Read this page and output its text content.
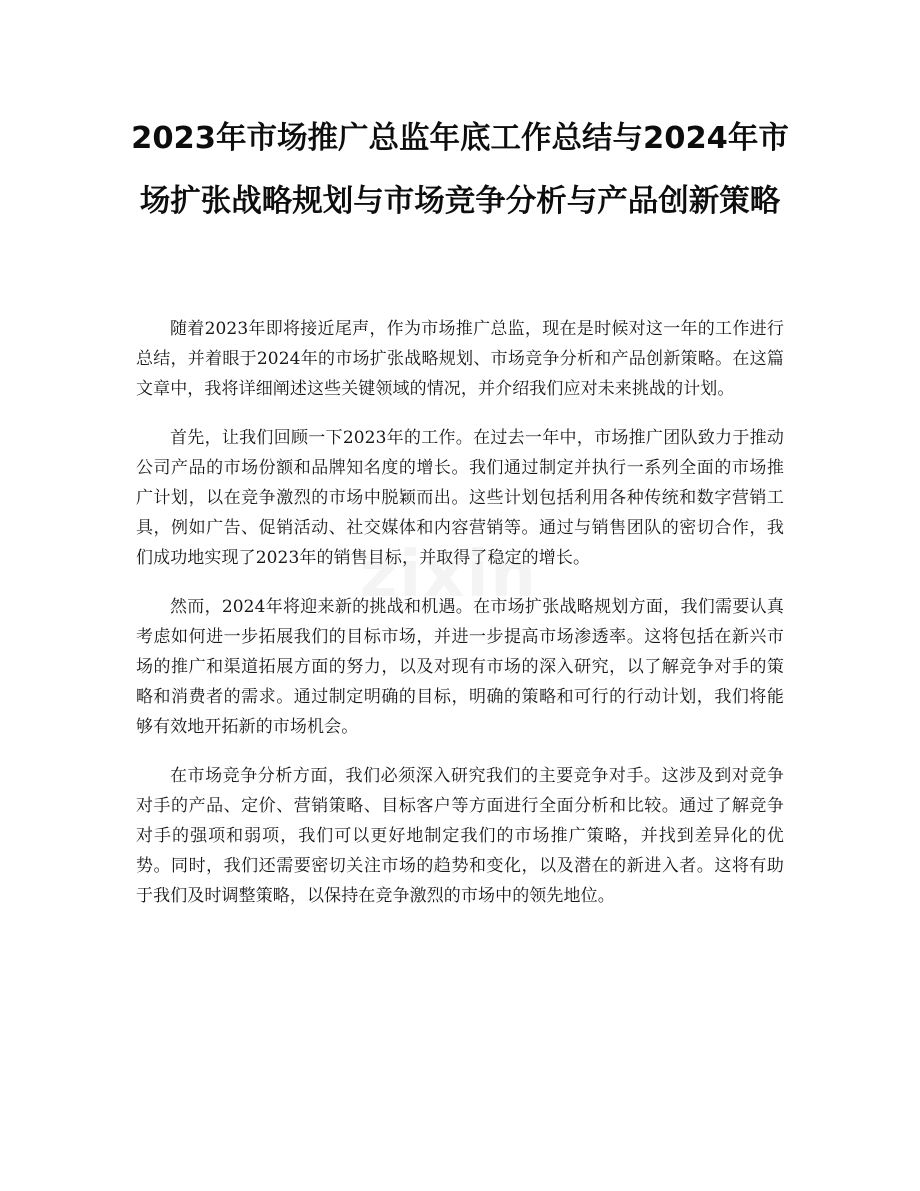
2023年市场推广总监年底工作总结与2024年市场扩张战略规划与市场竞争分析与产品创新策略

随着2023年即将接近尾声，作为市场推广总监，现在是时候对这一年的工作进行总结，并着眼于2024年的市场扩张战略规划、市场竞争分析和产品创新策略。在这篇文章中，我将详细阐述这些关键领域的情况，并介绍我们应对未来挑战的计划。

首先，让我们回顾一下2023年的工作。在过去一年中，市场推广团队致力于推动公司产品的市场份额和品牌知名度的增长。我们通过制定并执行一系列全面的市场推广计划，以在竞争激烈的市场中脱颖而出。这些计划包括利用各种传统和数字营销工具，例如广告、促销活动、社交媒体和内容营销等。通过与销售团队的密切合作，我们成功地实现了2023年的销售目标，并取得了稳定的增长。

然而，2024年将迎来新的挑战和机遇。在市场扩张战略规划方面，我们需要认真考虑如何进一步拓展我们的目标市场，并进一步提高市场渗透率。这将包括在新兴市场的推广和渠道拓展方面的努力，以及对现有市场的深入研究，以了解竞争对手的策略和消费者的需求。通过制定明确的目标，明确的策略和可行的行动计划，我们将能够有效地开拓新的市场机会。

在市场竞争分析方面，我们必须深入研究我们的主要竞争对手。这涉及到对竞争对手的产品、定价、营销策略、目标客户等方面进行全面分析和比较。通过了解竞争对手的强项和弱项，我们可以更好地制定我们的市场推广策略，并找到差异化的优势。同时，我们还需要密切关注市场的趋势和变化，以及潜在的新进入者。这将有助于我们及时调整策略，以保持在竞争激烈的市场中的领先地位。
